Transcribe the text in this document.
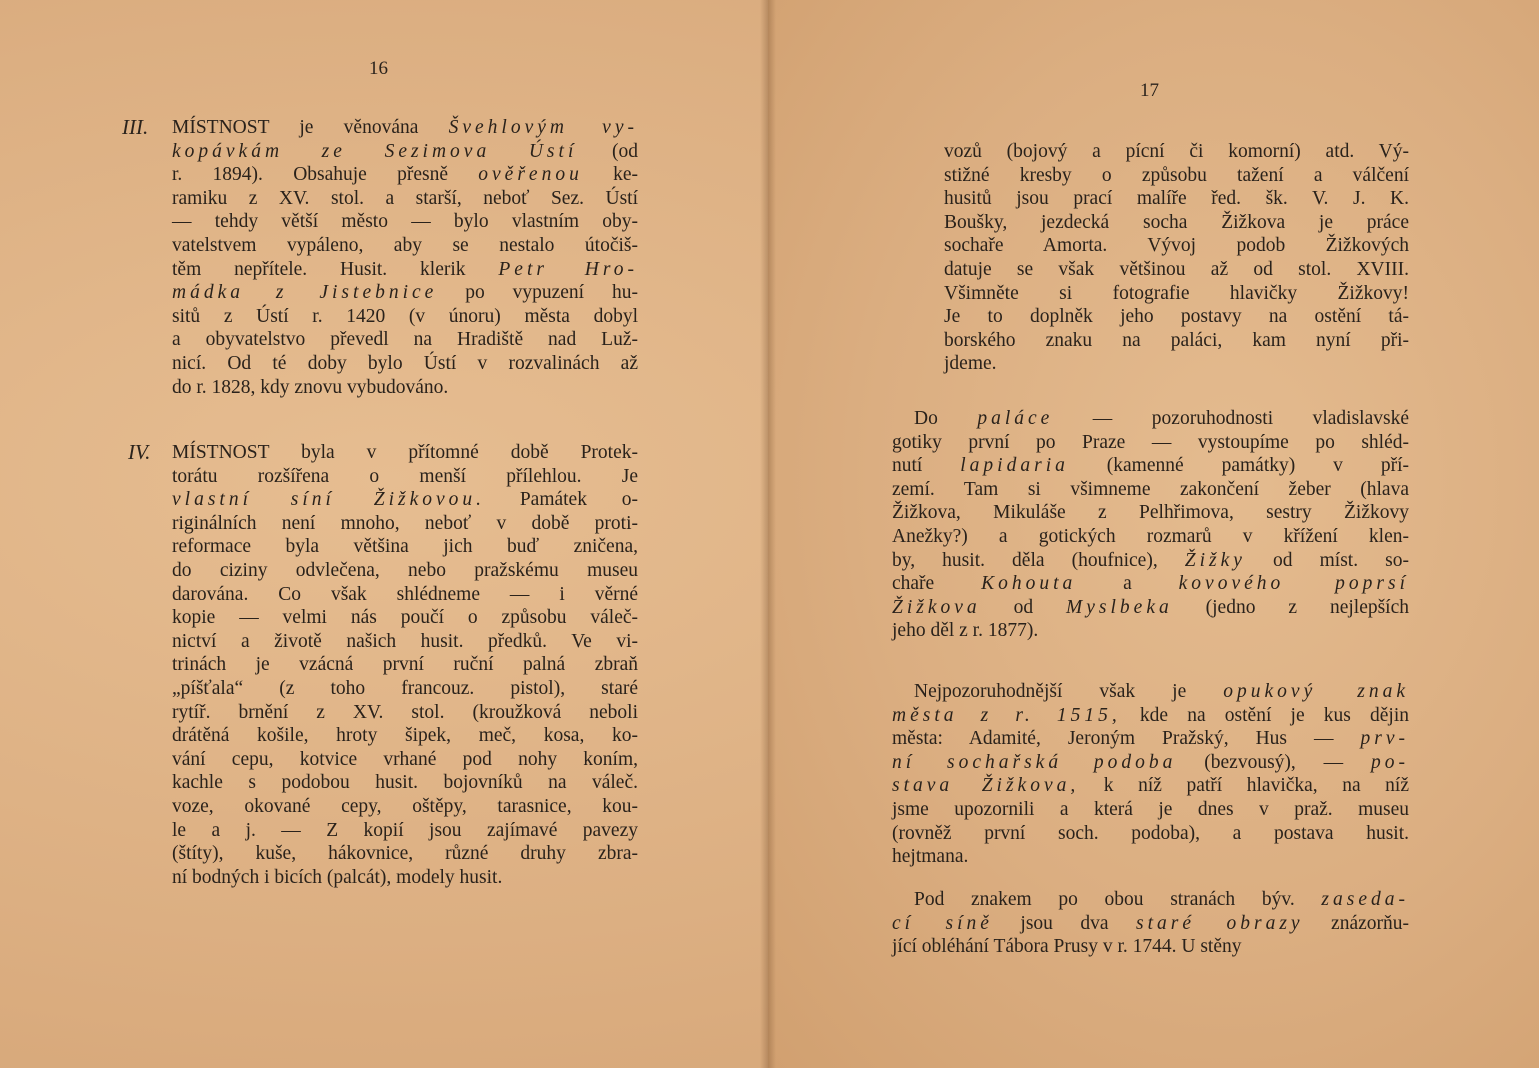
16
III. MÍSTNOST je věnována Švehlovým vy-
kopávkám ze Sezimova Ústí (od
r. 1894). Obsahuje přesně ověřenou ke-
ramiku z XV. stol. a starší, neboť Sez. Ústí
— tehdy větší město — bylo vlastním oby-
vatelstvem vypáleno, aby se nestalo útočiš-
těm nepřítele. Husit. klerik Petr Hro-
mádka z Jistebnice po vypuzení hu-
sitů z Ústí r. 1420 (v únoru) města dobyl
a obyvatelstvo převedl na Hradiště nad Luž-
nicí. Od té doby bylo Ústí v rozvalinách až
do r. 1828, kdy znovu vybudováno.
IV. MÍSTNOST byla v přítomné době Protek-
torátu rozšířena o menší přílehlou. Je
vlastní síní Žižkovou. Památek o-
riginálních není mnoho, neboť v době proti-
reformace byla většina jich buď zničena,
do ciziny odvlečena, nebo pražskému museu
darována. Co však shlédneme — i věrné
kopie — velmi nás poučí o způsobu váleč-
nictví a životě našich husit. předků. Ve vi-
trinách je vzácná první ruční palná zbraň
„píšťala“ (z toho francouz. pistol), staré
rytíř. brnění z XV. stol. (kroužková neboli
drátěná košile, hroty šipek, meč, kosa, ko-
vání cepu, kotvice vrhané pod nohy koním,
kachle s podobou husit. bojovníků na váleč.
voze, okované cepy, oštěpy, tarasnice, kou-
le a j. — Z kopií jsou zajímavé pavezy
(štíty), kuše, hákovnice, různé druhy zbra-
ní bodných i bicích (palcát), modely husit.
17
vozů (bojový a pícní či komorní) atd. Vý-
stižné kresby o způsobu tažení a válčení
husitů jsou prací malíře řed. šk. V. J. K.
Boušky, jezdecká socha Žižkova je práce
sochaře Amorta. Vývoj podob Žižkových
datuje se však většinou až od stol. XVIII.
Všimněte si fotografie hlavičky Žižkovy!
Je to doplněk jeho postavy na ostění tá-
borského znaku na paláci, kam nyní při-
jdeme.
Do paláce — pozoruhodnosti vladislavské
gotiky první po Praze — vystoupíme po shléd-
nutí lapidaria (kamenné památky) v pří-
zemí. Tam si všimneme zakončení žeber (hlava
Žižkova, Mikuláše z Pelhřimova, sestry Žižkovy
Anežky?) a gotických rozmarů v křížení klen-
by, husit. děla (houfnice), Žižky od míst. so-
chaře Kohouta a kovového poprsí
Žižkova od Myslbeka (jedno z nejlepších
jeho děl z r. 1877).
Nejpozoruhodnější však je opukový znak
města z r. 1515, kde na ostění je kus dějin
města: Adamité, Jeroným Pražský, Hus — prv-
ní sochařská podoba (bezvousý), — po-
stava Žižkova, k níž patří hlavička, na níž
jsme upozornili a která je dnes v praž. museu
(rovněž první soch. podoba), a postava husit.
hejtmana.
Pod znakem po obou stranách býv. zaseda-
cí síně jsou dva staré obrazy znázorňu-
jící obléhání Tábora Prusy v r. 1744. U stěny
